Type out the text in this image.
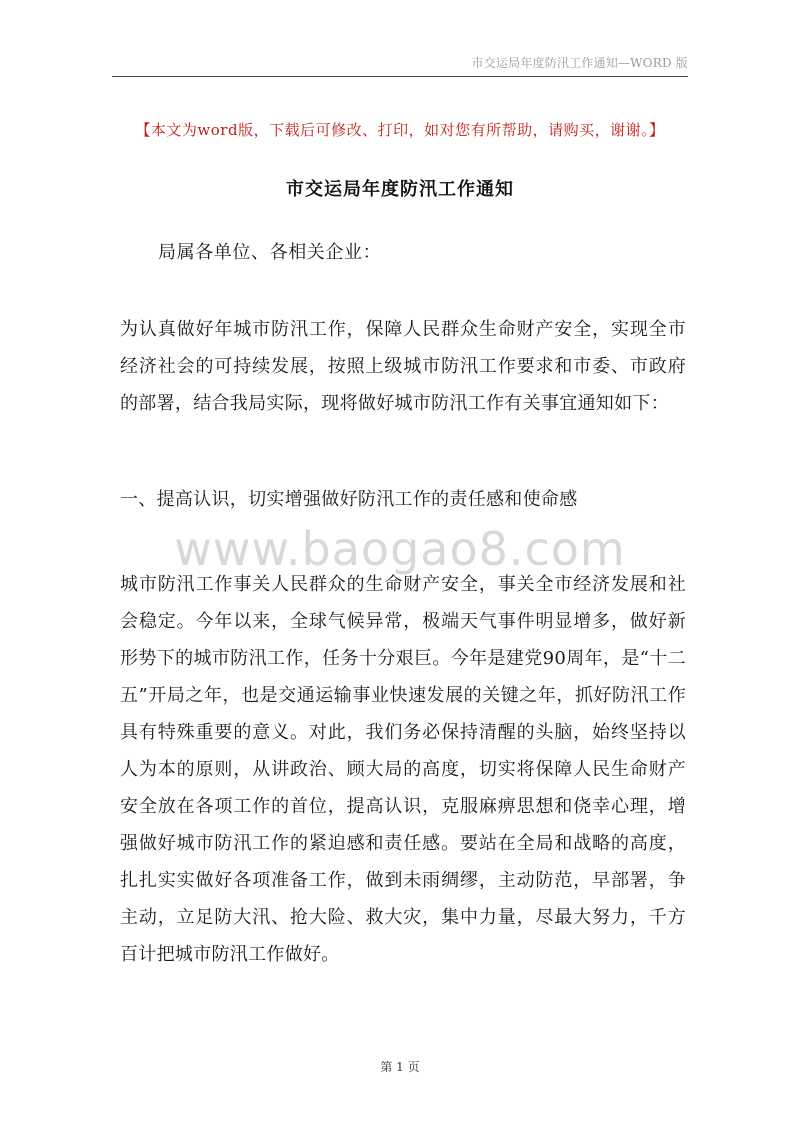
市交运局年度防汛工作通知—WORD 版
【本文为word版，下载后可修改、打印，如对您有所帮助，请购买，谢谢。】
市交运局年度防汛工作通知
局属各单位、各相关企业：

为认真做好年城市防汛工作，保障人民群众生命财产安全，实现全市经济社会的可持续发展，按照上级城市防汛工作要求和市委、市政府的部署，结合我局实际，现将做好城市防汛工作有关事宜通知如下：

一、提高认识，切实增强做好防汛工作的责任感和使命感
www.baogao8.com

城市防汛工作事关人民群众的生命财产安全，事关全市经济发展和社会稳定。今年以来，全球气候异常，极端天气事件明显增多，做好新形势下的城市防汛工作，任务十分艰巨。今年是建党90周年，是“十二五”开局之年，也是交通运输事业快速发展的关键之年，抓好防汛工作具有特殊重要的意义。对此，我们务必保持清醒的头脑，始终坚持以人为本的原则，从讲政治、顾大局的高度，切实将保障人民生命财产安全放在各项工作的首位，提高认识，克服麻痹思想和侥幸心理，增强做好城市防汛工作的紧迫感和责任感。要站在全局和战略的高度，扎扎实实做好各项准备工作，做到未雨绸缪，主动防范，早部署，争主动，立足防大汛、抢大险、救大灾，集中力量，尽最大努力，千方百计把城市防汛工作做好。

第 1 页
